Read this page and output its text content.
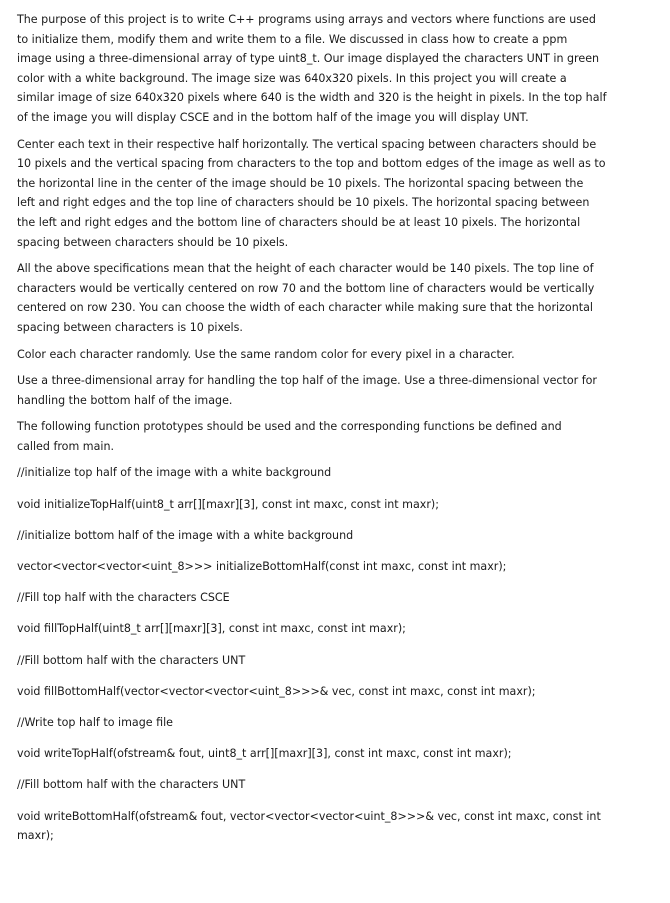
The purpose of this project is to write C++ programs using arrays and vectors where functions are used
to initialize them, modify them and write them to a file. We discussed in class how to create a ppm
image using a three-dimensional array of type uint8_t. Our image displayed the characters UNT in green
color with a white background. The image size was 640x320 pixels. In this project you will create a
similar image of size 640x320 pixels where 640 is the width and 320 is the height in pixels. In the top half
of the image you will display CSCE and in the bottom half of the image you will display UNT.

Center each text in their respective half horizontally. The vertical spacing between characters should be
10 pixels and the vertical spacing from characters to the top and bottom edges of the image as well as to
the horizontal line in the center of the image should be 10 pixels. The horizontal spacing between the
left and right edges and the top line of characters should be 10 pixels. The horizontal spacing between
the left and right edges and the bottom line of characters should be at least 10 pixels. The horizontal
spacing between characters should be 10 pixels.

All the above specifications mean that the height of each character would be 140 pixels. The top line of
characters would be vertically centered on row 70 and the bottom line of characters would be vertically
centered on row 230. You can choose the width of each character while making sure that the horizontal
spacing between characters is 10 pixels.

Color each character randomly. Use the same random color for every pixel in a character.

Use a three-dimensional array for handling the top half of the image. Use a three-dimensional vector for
handling the bottom half of the image.

The following function prototypes should be used and the corresponding functions be defined and
called from main.

//initialize top half of the image with a white background
void initializeTopHalf(uint8_t arr[][maxr][3], const int maxc, const int maxr);
//initialize bottom half of the image with a white background
vector<vector<vector<uint_8>>> initializeBottomHalf(const int maxc, const int maxr);
//Fill top half with the characters CSCE
void fillTopHalf(uint8_t arr[][maxr][3], const int maxc, const int maxr);
//Fill bottom half with the characters UNT
void fillBottomHalf(vector<vector<vector<uint_8>>>& vec, const int maxc, const int maxr);
//Write top half to image file
void writeTopHalf(ofstream& fout, uint8_t arr[][maxr][3], const int maxc, const int maxr);
//Fill bottom half with the characters UNT
void writeBottomHalf(ofstream& fout, vector<vector<vector<uint_8>>>& vec, const int maxc, const int
maxr);
